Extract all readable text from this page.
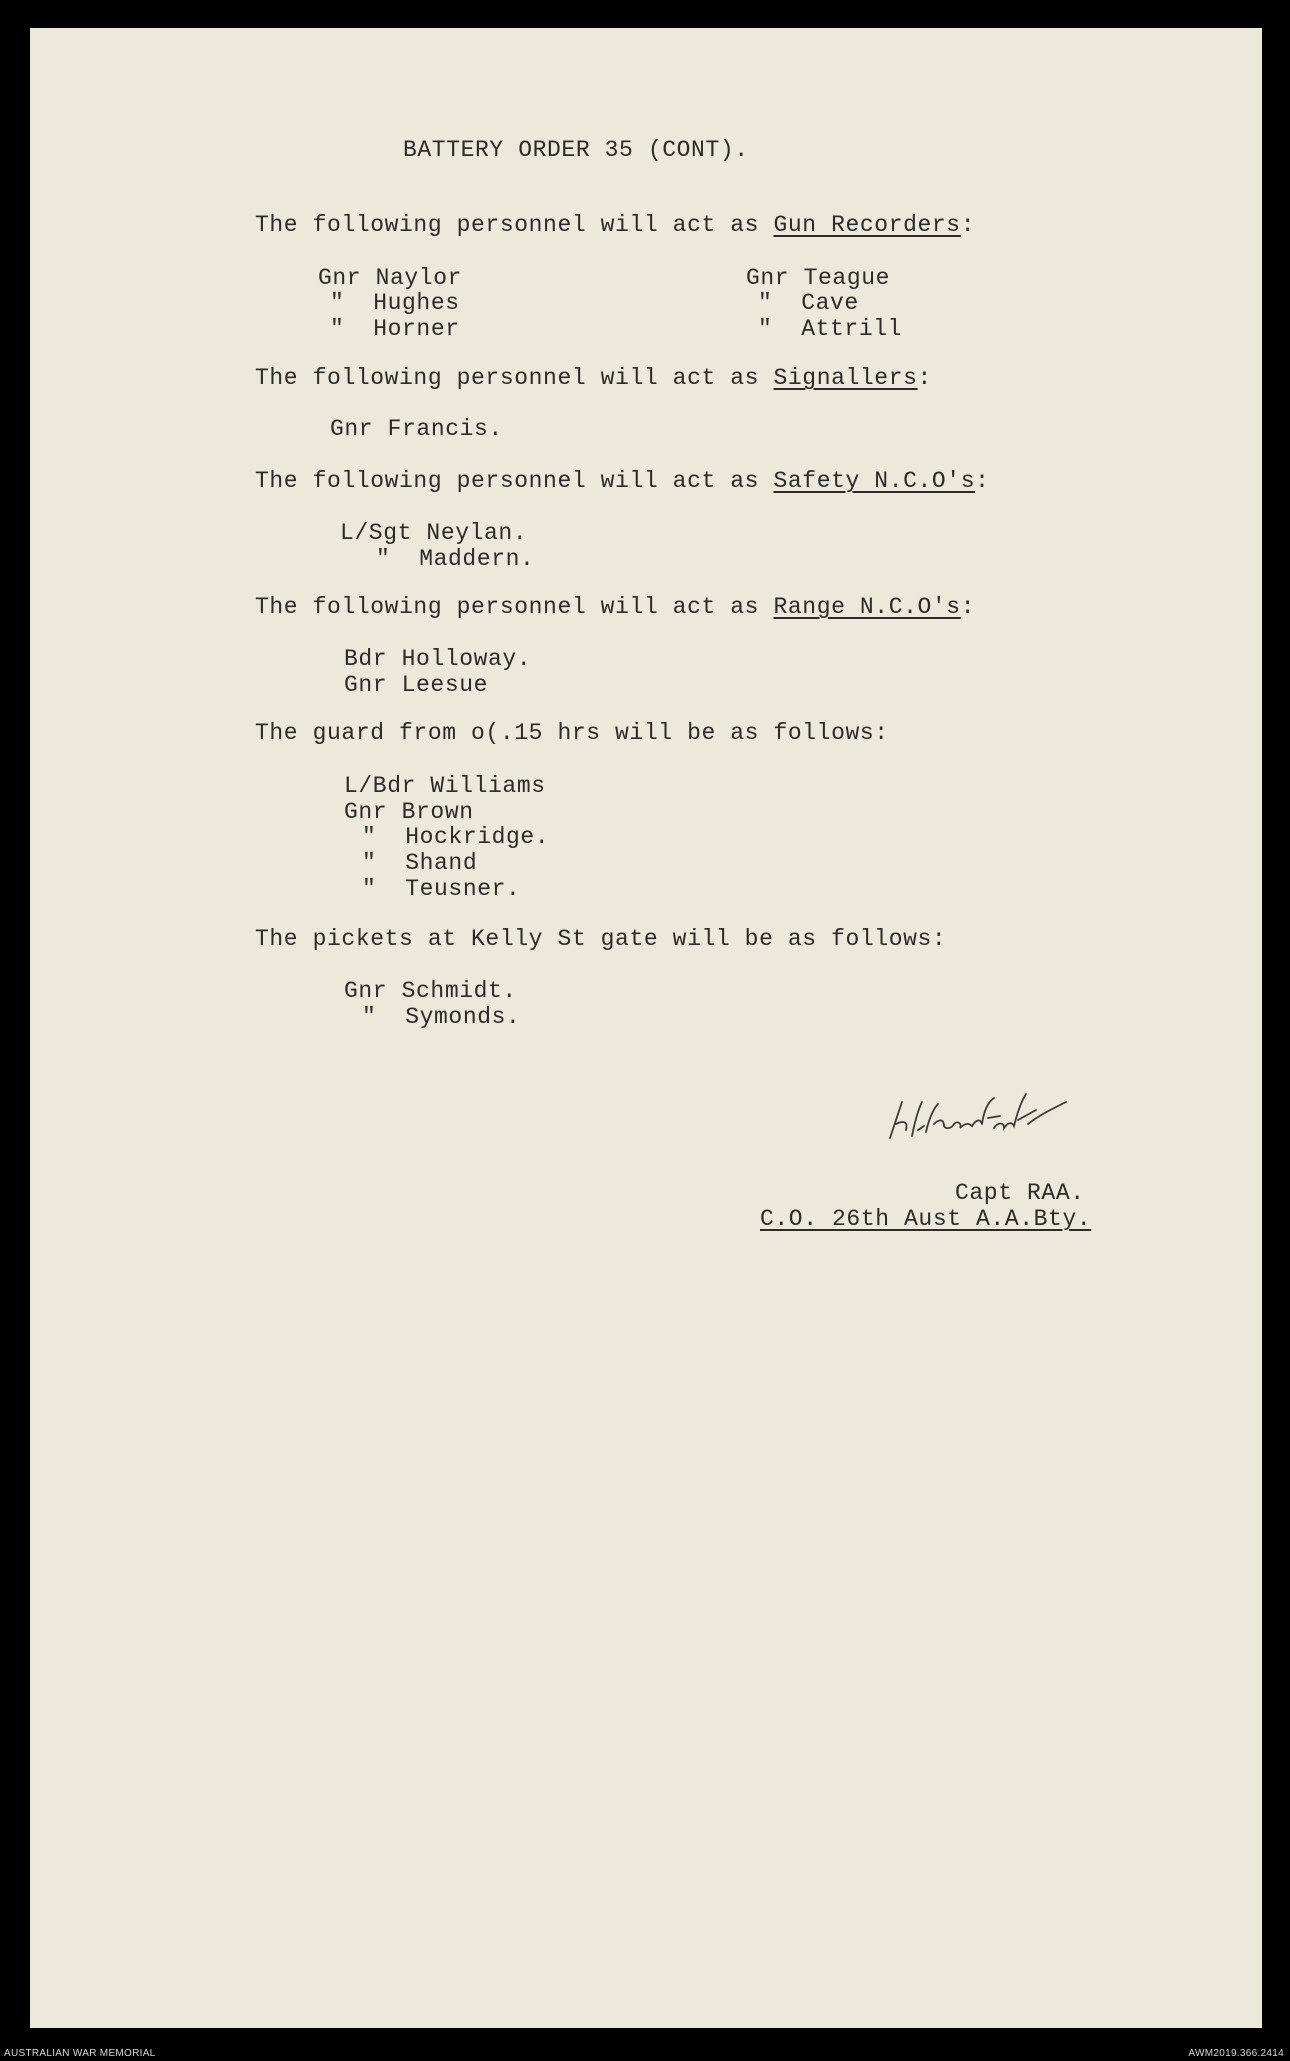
BATTERY ORDER 35 (CONT).
The following personnel will act as Gun Recorders:
Gnr Naylor
"  Hughes
"  Horner
Gnr Teague
"  Cave
"  Attrill
The following personnel will act as Signallers:
Gnr Francis.
The following personnel will act as Safety N.C.O's:
L/Sgt Neylan.
"  Maddern.
The following personnel will act as Range N.C.O's:
Bdr Holloway.
Gnr Leesue
The guard from o(.15 hrs will be as follows:
L/Bdr Williams
Gnr Brown
"  Hockridge.
"  Shand
"  Teusner.
The pickets at Kelly St gate will be as follows:
Gnr Schmidt.
"  Symonds.
Capt RAA.
C.O. 26th Aust A.A.Bty.
AUSTRALIAN WAR MEMORIAL	AWM2019.366.2414
